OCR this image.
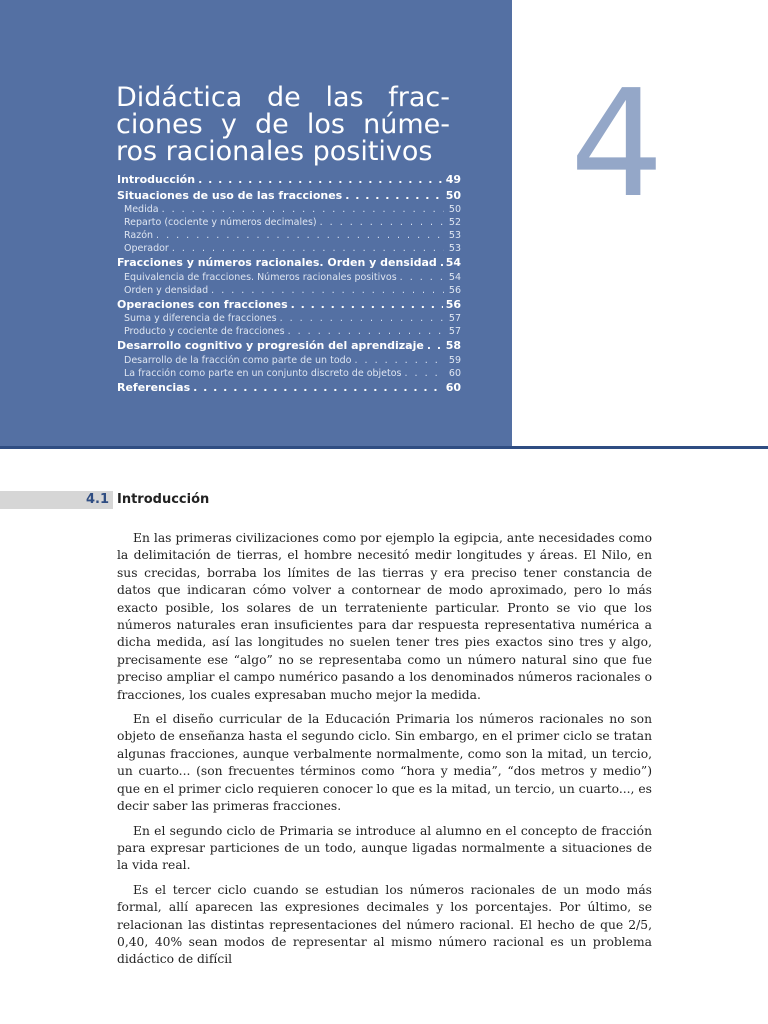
Didáctica de las frac-
ciones y de los núme-
ros racionales positivos
Introducción . . .	49
Situaciones de uso de las fracciones . . .	50
Medida . . .	50
Reparto (cociente y números decimales) . . .	52
Razón . . .	53
Operador . . .	53
Fracciones y números racionales. Orden y densidad . . . 54
Equivalencia de fracciones. Números racionales positivos . . .	54
Orden y densidad . . .	56
Operaciones con fracciones . . .	56
Suma y diferencia de fracciones . . .	57
Producto y cociente de fracciones . . .	57
Desarrollo cognitivo y progresión del aprendizaje . . . 58
Desarrollo de la fracción como parte de un todo . . .	59
La fracción como parte en un conjunto discreto de objetos . . .	60
Referencias . . .	60
4
4.1 Introducción

En las primeras civilizaciones como por ejemplo la egipcia, ante necesidades como la delimitación de tierras, el hombre necesitó medir longitudes y áreas. El Nilo, en sus crecidas, borraba los límites de las tierras y era preciso tener constancia de datos que indicaran cómo volver a contornear de modo aproximado, pero lo más exacto posible, los solares de un terrateniente particular. Pronto se vio que los números naturales eran insuficientes para dar respuesta representativa numérica a dicha medida, así las longitudes no suelen tener tres pies exactos sino tres y algo, precisamente ese “algo” no se representaba como un número natural sino que fue preciso ampliar el campo numérico pasando a los denominados números racionales o fracciones, los cuales expresaban mucho mejor la medida.

En el diseño curricular de la Educación Primaria los números racionales no son objeto de enseñanza hasta el segundo ciclo. Sin embargo, en el primer ciclo se tratan algunas fracciones, aunque verbalmente normalmente, como son la mitad, un tercio, un cuarto... (son frecuentes términos como “hora y media”, “dos metros y medio”) que en el primer ciclo requieren conocer lo que es la mitad, un tercio, un cuarto..., es decir saber las primeras fracciones.

En el segundo ciclo de Primaria se introduce al alumno en el concepto de fracción para expresar particiones de un todo, aunque ligadas normalmente a situaciones de la vida real.

Es el tercer ciclo cuando se estudian los números racionales de un modo más formal, allí aparecen las expresiones decimales y los porcentajes. Por último, se relacionan las distintas representaciones del número racional. El hecho de que 2/5, 0,40, 40% sean modos de representar al mismo número racional es un problema didáctico de difícil
